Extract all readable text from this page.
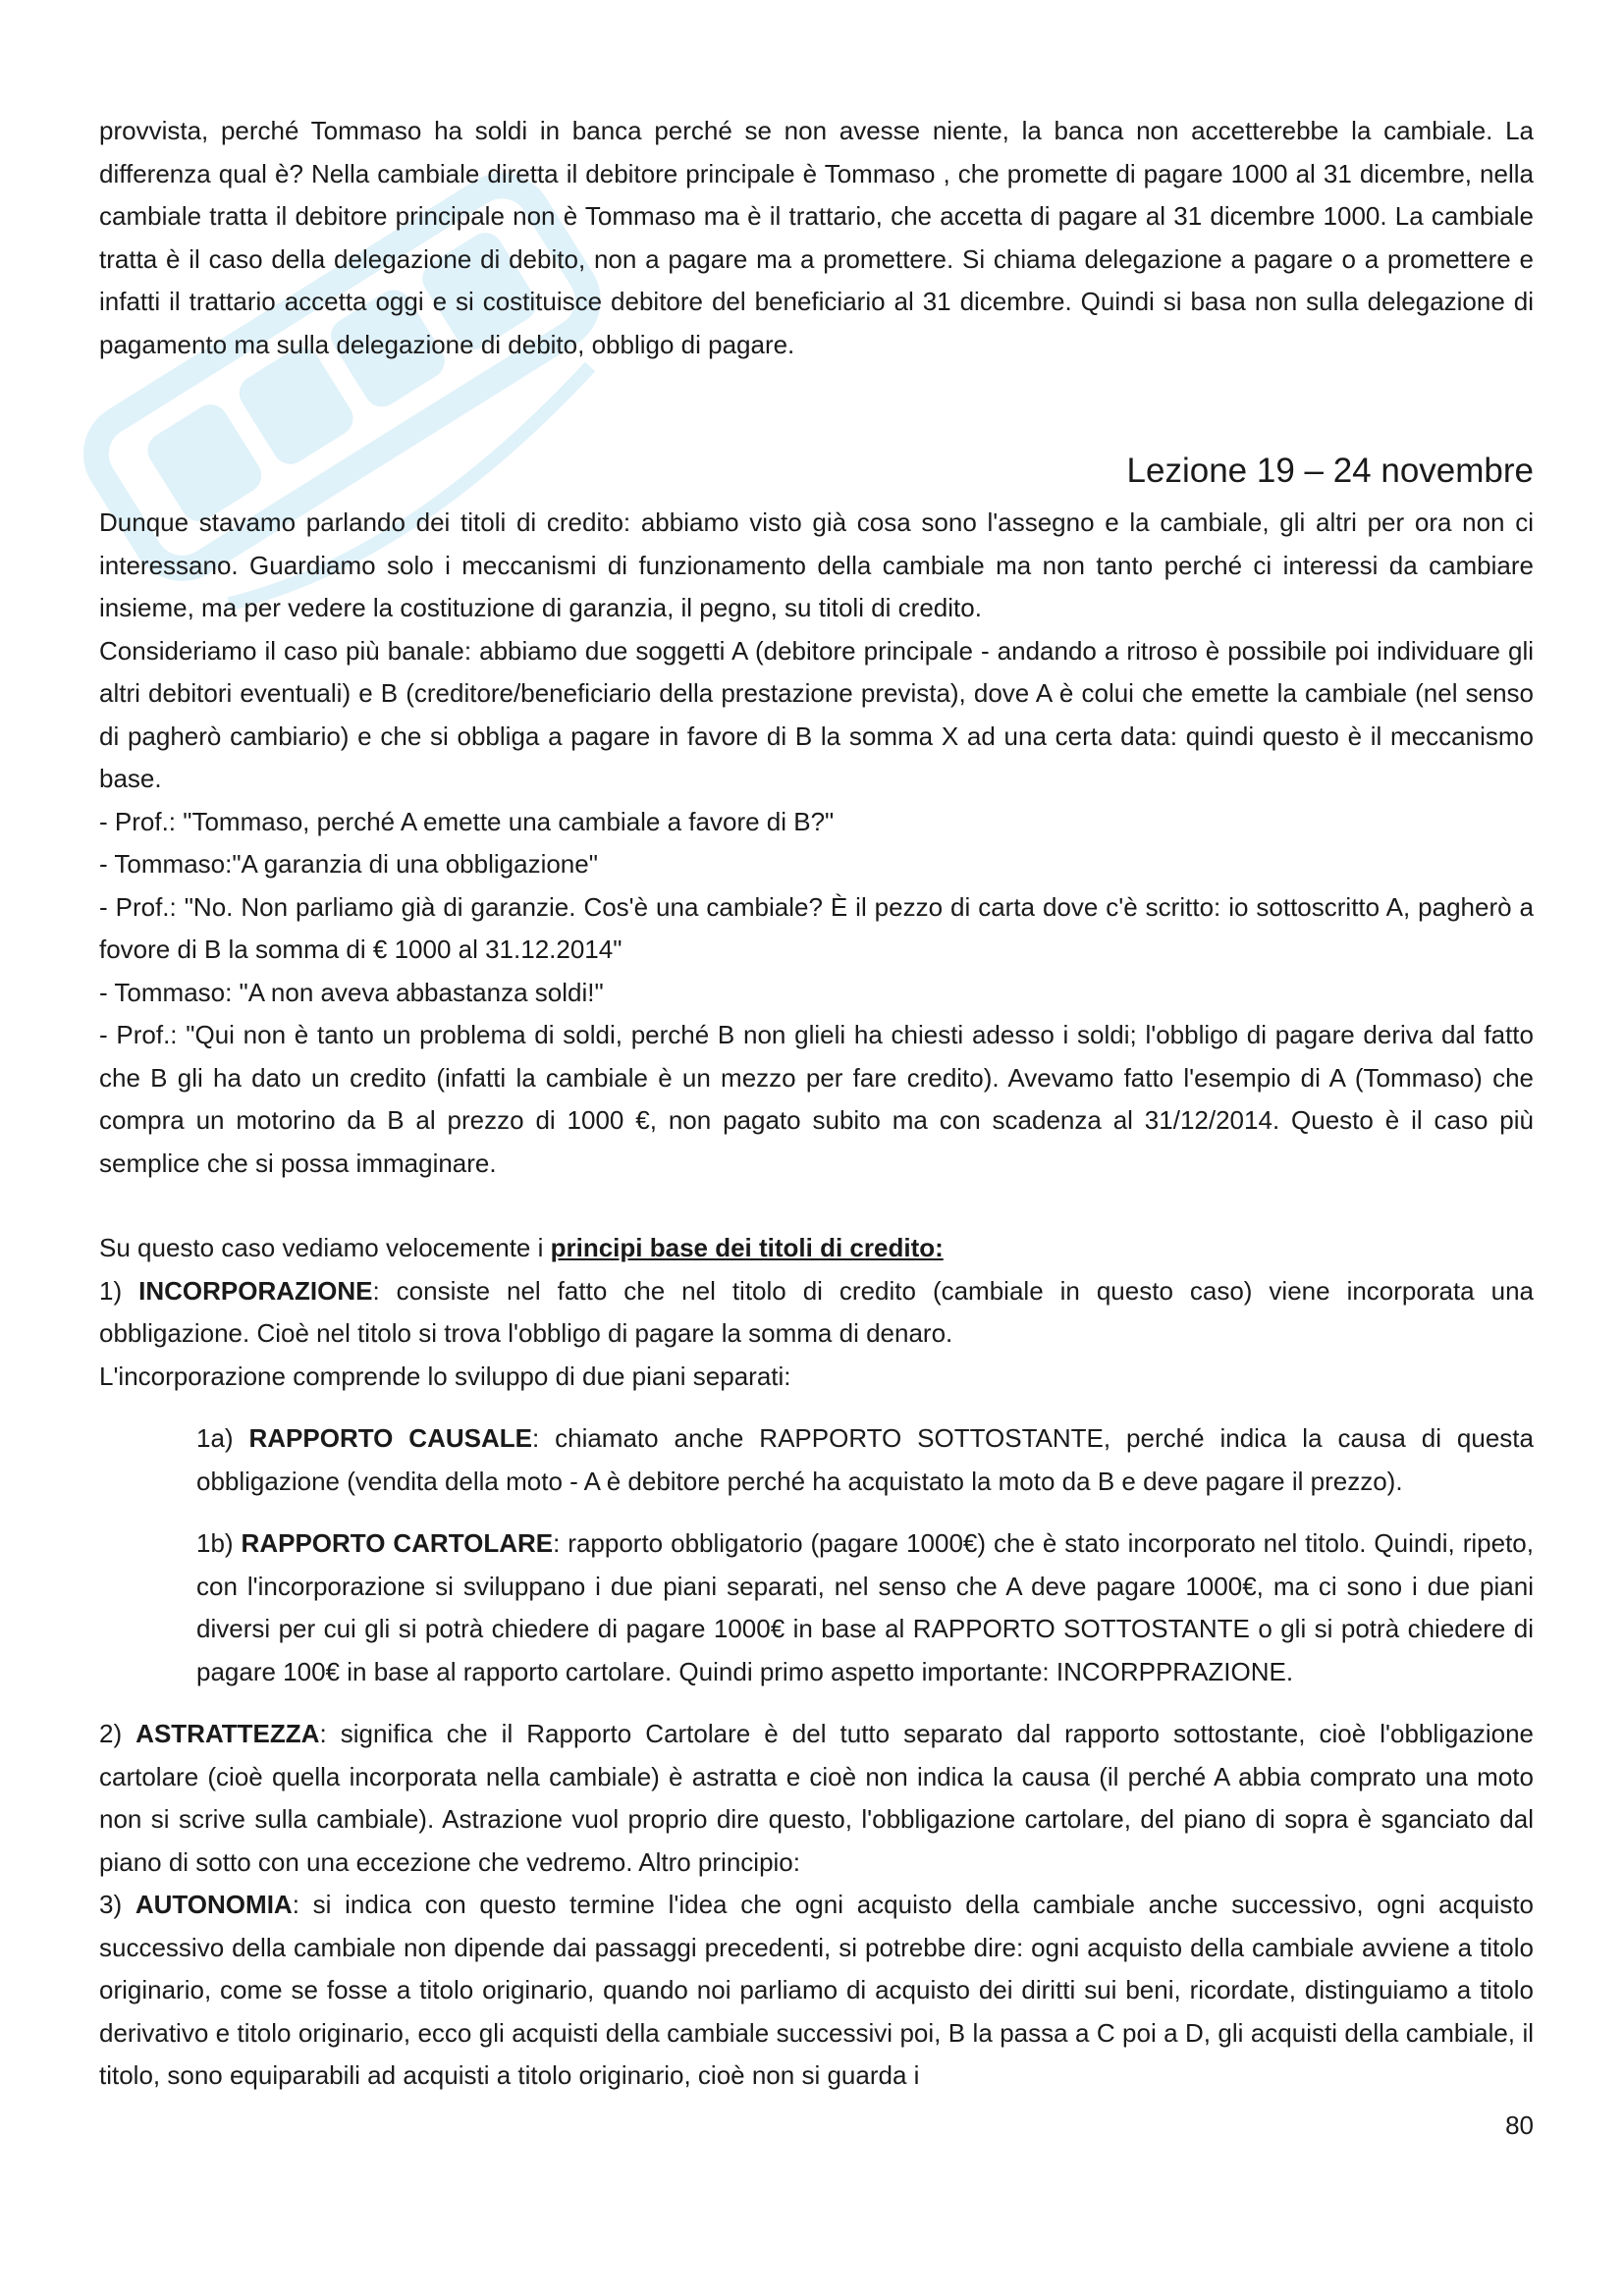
provvista, perché Tommaso ha soldi in banca perché se non avesse niente, la banca non accetterebbe la cambiale. La differenza qual è? Nella cambiale diretta il debitore principale è Tommaso , che promette di pagare 1000 al 31 dicembre, nella cambiale tratta il debitore principale non è Tommaso ma è il trattario, che accetta di pagare al 31 dicembre 1000. La cambiale tratta è il caso della delegazione di debito, non a pagare ma a promettere. Si chiama delegazione a pagare o a promettere e infatti il trattario accetta oggi e si costituisce debitore del beneficiario al 31 dicembre. Quindi si basa non sulla delegazione di pagamento ma sulla delegazione di debito, obbligo di pagare.

Lezione 19 – 24 novembre

Dunque stavamo parlando dei titoli di credito: abbiamo visto già cosa sono l'assegno e la cambiale, gli altri per ora non ci interessano. Guardiamo solo i meccanismi di funzionamento della cambiale ma non tanto perché ci interessi da cambiare insieme, ma per vedere la costituzione di garanzia, il pegno, su titoli di credito.

Consideriamo il caso più banale: abbiamo due soggetti A (debitore principale - andando a ritroso è possibile poi individuare gli altri debitori eventuali) e B (creditore/beneficiario della prestazione prevista), dove A è colui che emette la cambiale (nel senso di pagherò cambiario) e che si obbliga a pagare in favore di B la somma X ad una certa data: quindi questo è il meccanismo base.

- Prof.: "Tommaso, perché A emette una cambiale a favore di B?"

- Tommaso:"A garanzia di una obbligazione"

- Prof.: "No. Non parliamo già di garanzie. Cos'è una cambiale? È il pezzo di carta dove c'è scritto: io sottoscritto A, pagherò a fovore di B la somma di € 1000 al 31.12.2014"

- Tommaso: "A non aveva abbastanza soldi!"

- Prof.: "Qui non è tanto un problema di soldi, perché B non glieli ha chiesti adesso i soldi; l'obbligo di pagare deriva dal fatto che B gli ha dato un credito (infatti la cambiale è un mezzo per fare credito). Avevamo fatto l'esempio di A (Tommaso) che compra un motorino da B al prezzo di 1000 €, non pagato subito ma con scadenza al 31/12/2014. Questo è il caso più semplice che si possa immaginare.

Su questo caso vediamo velocemente i principi base dei titoli di credito:

1) INCORPORAZIONE: consiste nel fatto che nel titolo di credito (cambiale in questo caso) viene incorporata una obbligazione. Cioè nel titolo si trova l'obbligo di pagare la somma di denaro.

L'incorporazione comprende lo sviluppo di due piani separati:

1a) RAPPORTO CAUSALE: chiamato anche RAPPORTO SOTTOSTANTE, perché indica la causa di questa obbligazione (vendita della moto - A è debitore perché ha acquistato la moto da B e deve pagare il prezzo).

1b) RAPPORTO CARTOLARE: rapporto obbligatorio (pagare 1000€) che è stato incorporato nel titolo. Quindi, ripeto, con l'incorporazione si sviluppano i due piani separati, nel senso che A deve pagare 1000€, ma ci sono i due piani diversi per cui gli si potrà chiedere di pagare 1000€ in base al RAPPORTO SOTTOSTANTE o gli si potrà chiedere di pagare 100€ in base al rapporto cartolare. Quindi primo aspetto importante: INCORPPRAZIONE.

2) ASTRATTEZZA: significa che il Rapporto Cartolare è del tutto separato dal rapporto sottostante, cioè l'obbligazione cartolare (cioè quella incorporata nella cambiale) è astratta e cioè non indica la causa (il perché A abbia comprato una moto non si scrive sulla cambiale). Astrazione vuol proprio dire questo, l'obbligazione cartolare, del piano di sopra è sganciato dal piano di sotto con una eccezione che vedremo. Altro principio:

3) AUTONOMIA: si indica con questo termine l'idea che ogni acquisto della cambiale anche successivo, ogni acquisto successivo della cambiale non dipende dai passaggi precedenti, si potrebbe dire: ogni acquisto della cambiale avviene a titolo originario, come se fosse a titolo originario, quando noi parliamo di acquisto dei diritti sui beni, ricordate, distinguiamo a titolo derivativo e titolo originario, ecco gli acquisti della cambiale successivi poi, B la passa a C poi a D, gli acquisti della cambiale, il titolo, sono equiparabili ad acquisti a titolo originario, cioè non si guarda i

80
